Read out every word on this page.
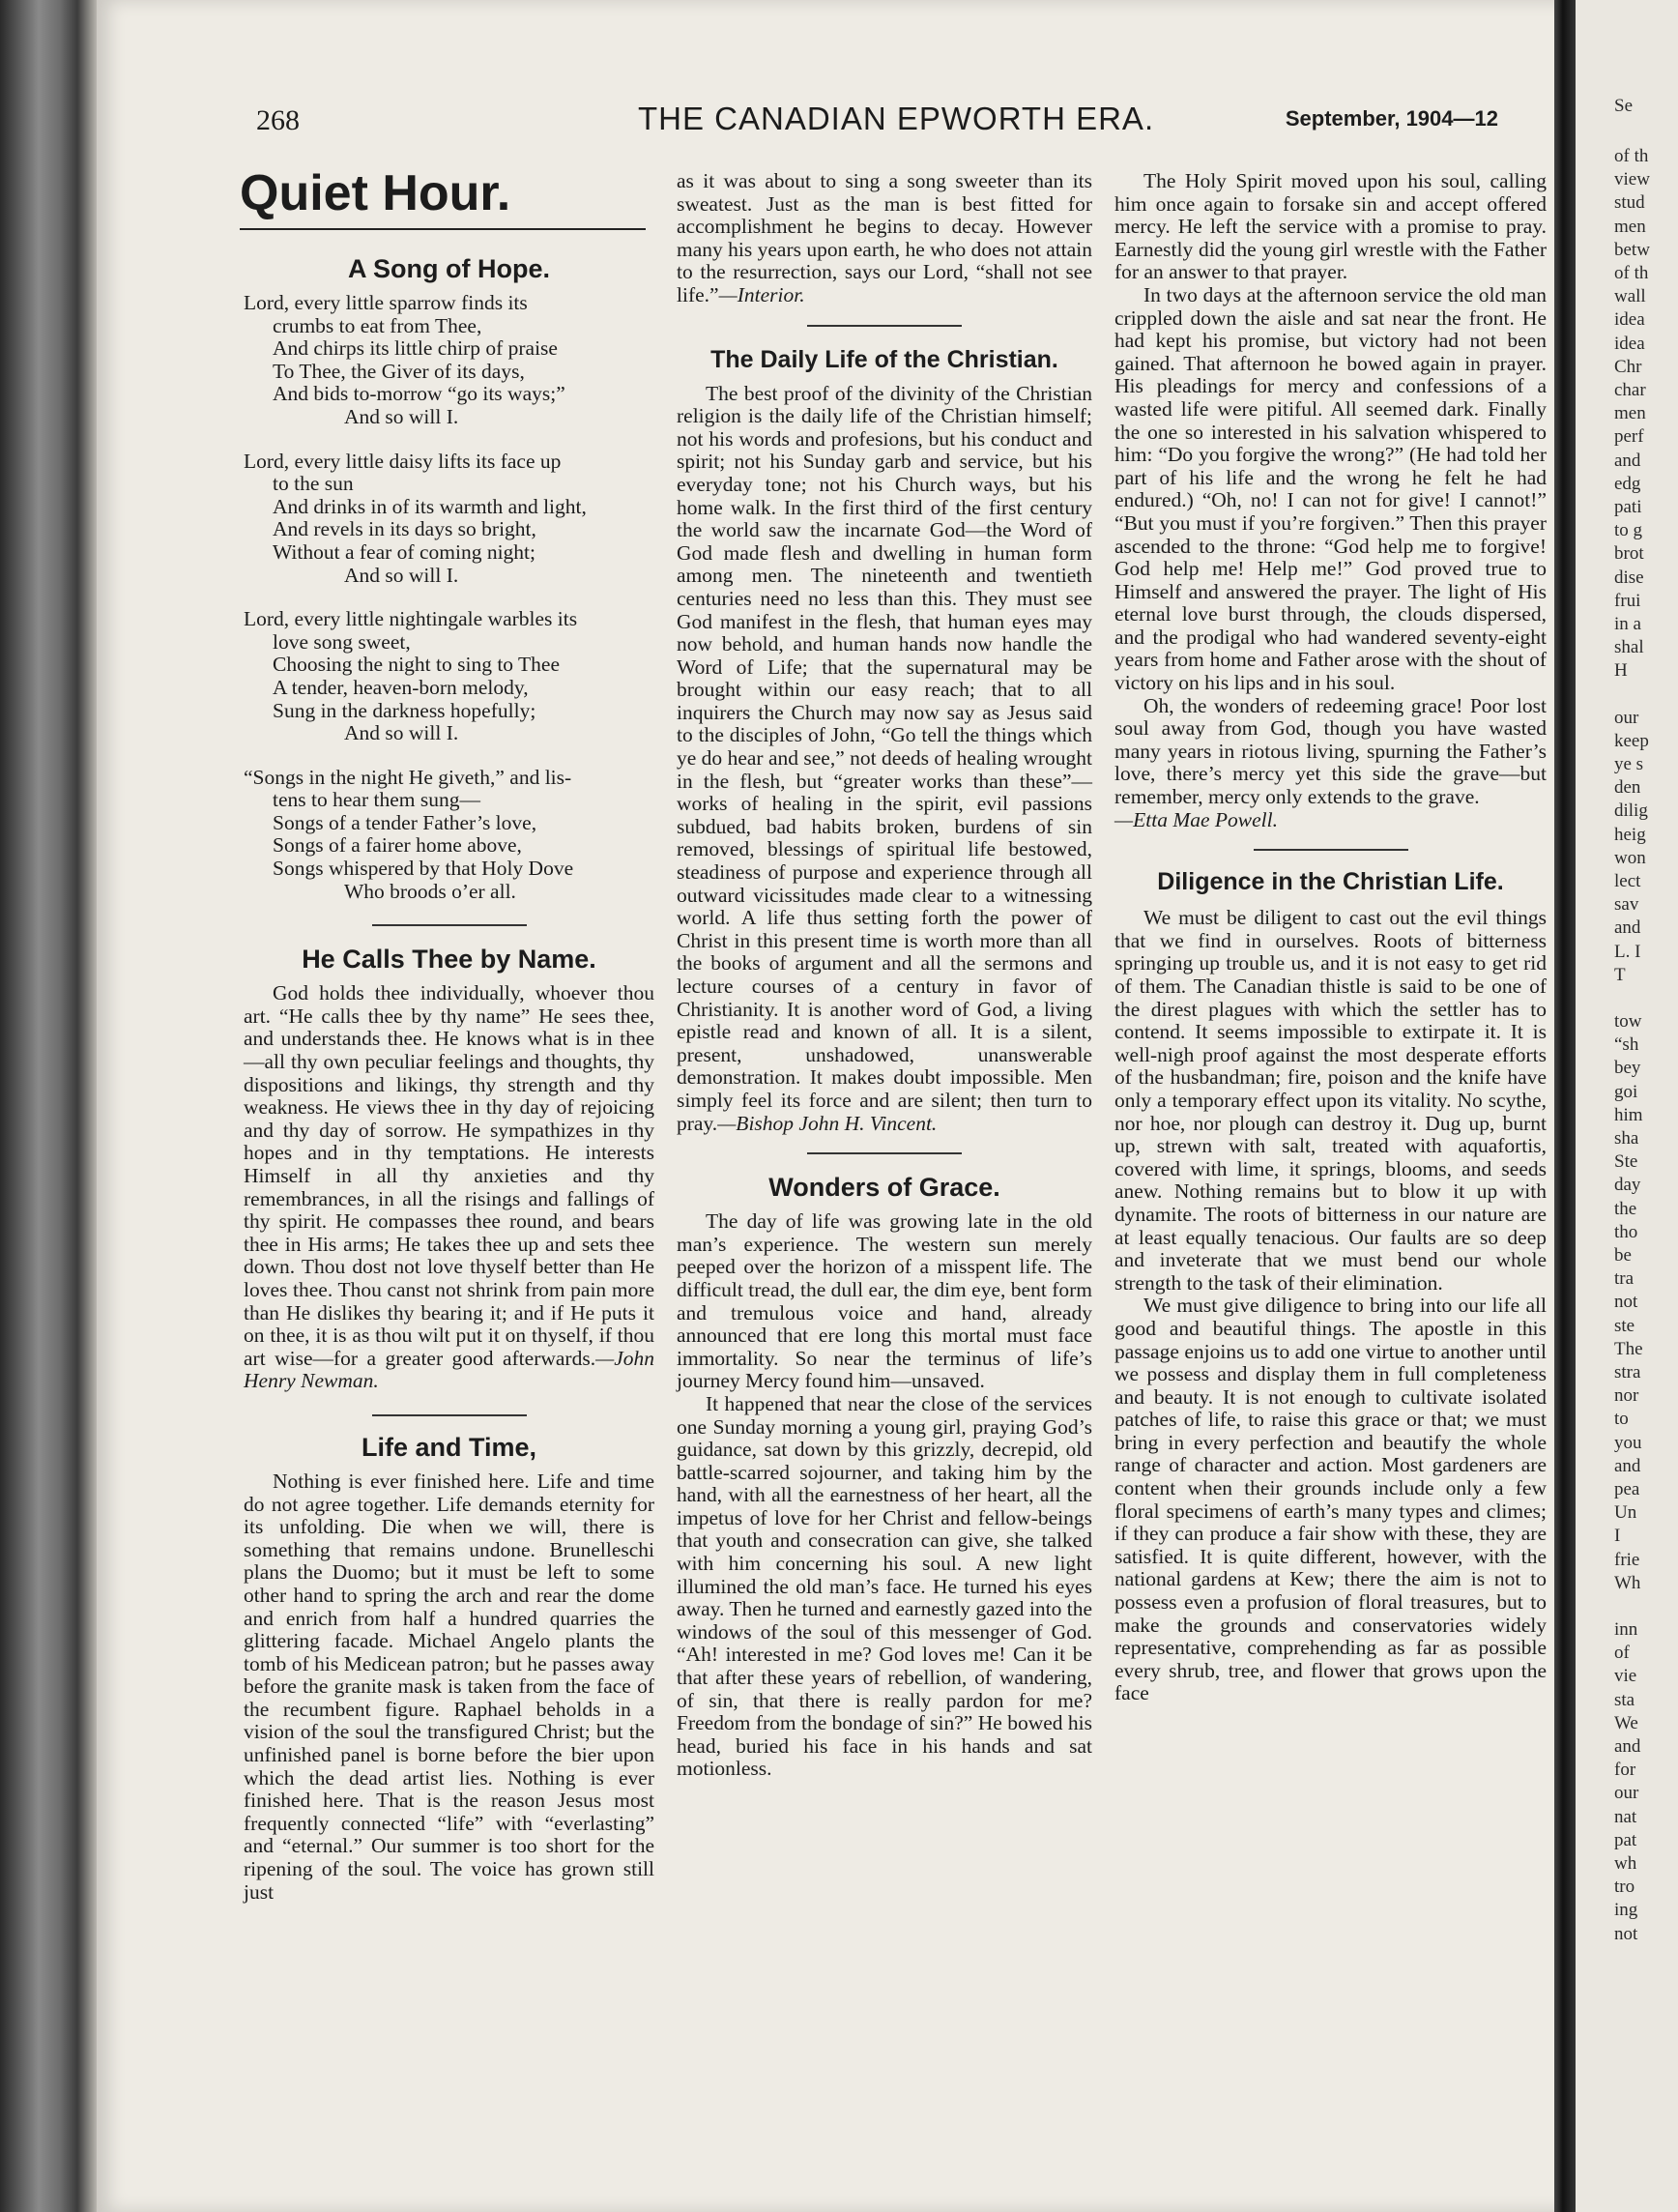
268	THE CANADIAN EPWORTH ERA.	September, 1904—12
Quiet Hour.
A Song of Hope.
Lord, every little sparrow finds its
crumbs to eat from Thee,
And chirps its little chirp of praise
To Thee, the Giver of its days,
And bids to-morrow “go its ways;”
And so will I.
Lord, every little daisy lifts its face up
to the sun
And drinks in of its warmth and light,
And revels in its days so bright,
Without a fear of coming night;
And so will I.
Lord, every little nightingale warbles its
love song sweet,
Choosing the night to sing to Thee
A tender, heaven-born melody,
Sung in the darkness hopefully;
And so will I.
“Songs in the night He giveth,” and lis-
tens to hear them sung—
Songs of a tender Father’s love,
Songs of a fairer home above,
Songs whispered by that Holy Dove
Who broods o’er all.
He Calls Thee by Name.

God holds thee individually, whoever thou art. “He calls thee by thy name” He sees thee, and understands thee. He knows what is in thee—all thy own peculiar feelings and thoughts, thy dispositions and likings, thy strength and thy weakness. He views thee in thy day of rejoicing and thy day of sorrow. He sympathizes in thy hopes and in thy temptations. He interests Himself in all thy anxieties and thy remembrances, in all the risings and fallings of thy spirit. He compasses thee round, and bears thee in His arms; He takes thee up and sets thee down. Thou dost not love thyself better than He loves thee. Thou canst not shrink from pain more than He dislikes thy bearing it; and if He puts it on thee, it is as thou wilt put it on thyself, if thou art wise—for a greater good afterwards.—John Henry Newman.

Life and Time,

Nothing is ever finished here. Life and time do not agree together. Life demands eternity for its unfolding. Die when we will, there is something that remains undone. Brunelleschi plans the Duomo; but it must be left to some other hand to spring the arch and rear the dome and enrich from half a hundred quarries the glittering facade. Michael Angelo plants the tomb of his Medicean patron; but he passes away before the granite mask is taken from the face of the recumbent figure. Raphael beholds in a vision of the soul the transfigured Christ; but the unfinished panel is borne before the bier upon which the dead artist lies. Nothing is ever finished here. That is the reason Jesus most frequently connected “life” with “everlasting” and “eternal.” Our summer is too short for the ripening of the soul. The voice has grown still just

as it was about to sing a song sweeter than its sweatest. Just as the man is best fitted for accomplishment he begins to decay. However many his years upon earth, he who does not attain to the resurrection, says our Lord, “shall not see life.”—Interior.

The Daily Life of the Christian.

The best proof of the divinity of the Christian religion is the daily life of the Christian himself; not his words and profesions, but his conduct and spirit; not his Sunday garb and service, but his everyday tone; not his Church ways, but his home walk. In the first third of the first century the world saw the incarnate God—the Word of God made flesh and dwelling in human form among men. The nineteenth and twentieth centuries need no less than this. They must see God manifest in the flesh, that human eyes may now behold, and human hands now handle the Word of Life; that the supernatural may be brought within our easy reach; that to all inquirers the Church may now say as Jesus said to the disciples of John, “Go tell the things which ye do hear and see,” not deeds of healing wrought in the flesh, but “greater works than these”—works of healing in the spirit, evil passions subdued, bad habits broken, burdens of sin removed, blessings of spiritual life bestowed, steadiness of purpose and experience through all outward vicissitudes made clear to a witnessing world. A life thus setting forth the power of Christ in this present time is worth more than all the books of argument and all the sermons and lecture courses of a century in favor of Christianity. It is another word of God, a living epistle read and known of all. It is a silent, present, unshadowed, unanswerable demonstration. It makes doubt impossible. Men simply feel its force and are silent; then turn to pray.—Bishop John H. Vincent.

Wonders of Grace.

The day of life was growing late in the old man’s experience. The western sun merely peeped over the horizon of a misspent life. The difficult tread, the dull ear, the dim eye, bent form and tremulous voice and hand, already announced that ere long this mortal must face immortality. So near the terminus of life’s journey Mercy found him—unsaved.

It happened that near the close of the services one Sunday morning a young girl, praying God’s guidance, sat down by this grizzly, decrepid, old battle-scarred sojourner, and taking him by the hand, with all the earnestness of her heart, all the impetus of love for her Christ and fellow-beings that youth and consecration can give, she talked with him concerning his soul. A new light illumined the old man’s face. He turned his eyes away. Then he turned and earnestly gazed into the windows of the soul of this messenger of God. “Ah! interested in me? God loves me! Can it be that after these years of rebellion, of wandering, of sin, that there is really pardon for me? Freedom from the bondage of sin?” He bowed his head, buried his face in his hands and sat motionless.

The Holy Spirit moved upon his soul, calling him once again to forsake sin and accept offered mercy. He left the service with a promise to pray. Earnestly did the young girl wrestle with the Father for an answer to that prayer.

In two days at the afternoon service the old man crippled down the aisle and sat near the front. He had kept his promise, but victory had not been gained. That afternoon he bowed again in prayer. His pleadings for mercy and confessions of a wasted life were pitiful. All seemed dark. Finally the one so interested in his salvation whispered to him: “Do you forgive the wrong?” (He had told her part of his life and the wrong he felt he had endured.) “Oh, no! I can not for give! I cannot!” “But you must if you’re forgiven.” Then this prayer ascended to the throne: “God help me to forgive! God help me! Help me!” God proved true to Himself and answered the prayer. The light of His eternal love burst through, the clouds dispersed, and the prodigal who had wandered seventy-eight years from home and Father arose with the shout of victory on his lips and in his soul.

Oh, the wonders of redeeming grace! Poor lost soul away from God, though you have wasted many years in riotous living, spurning the Father’s love, there’s mercy yet this side the grave—but remember, mercy only extends to the grave.

—Etta Mae Powell.

Diligence in the Christian Life.

We must be diligent to cast out the evil things that we find in ourselves. Roots of bitterness springing up trouble us, and it is not easy to get rid of them. The Canadian thistle is said to be one of the direst plagues with which the settler has to contend. It seems impossible to extirpate it. It is well-nigh proof against the most desperate efforts of the husbandman; fire, poison and the knife have only a temporary effect upon its vitality. No scythe, nor hoe, nor plough can destroy it. Dug up, burnt up, strewn with salt, treated with aquafortis, covered with lime, it springs, blooms, and seeds anew. Nothing remains but to blow it up with dynamite. The roots of bitterness in our nature are at least equally tenacious. Our faults are so deep and inveterate that we must bend our whole strength to the task of their elimination.

We must give diligence to bring into our life all good and beautiful things. The apostle in this passage enjoins us to add one virtue to another until we possess and display them in full completeness and beauty. It is not enough to cultivate isolated patches of life, to raise this grace or that; we must bring in every perfection and beautify the whole range of character and action. Most gardeners are content when their grounds include only a few floral specimens of earth’s many types and climes; if they can produce a fair show with these, they are satisfied. It is quite different, however, with the national gardens at Kew; there the aim is not to possess even a profusion of floral treasures, but to make the grounds and conservatories widely representative, comprehending as far as possible every shrub, tree, and flower that grows upon the face

Se
of th
view
stud
men
betw
of th
wall
idea
idea
Chr
char
men
perf
and
edg
pati
to g
brot
dise
frui
in a
shal
H
our
keep
ye s
den
dilig
heig
won
lect
sav
and
L. I
T
tow
“sh
bey
goi
him
sha
Ste
day
the
tho
be
tra
not
ste
The
stra
nor
to
you
and
pea
Un
I
frie
Wh
inn
of
vie
sta
We
and
for
our
nat
pat
wh
tro
ing
not
